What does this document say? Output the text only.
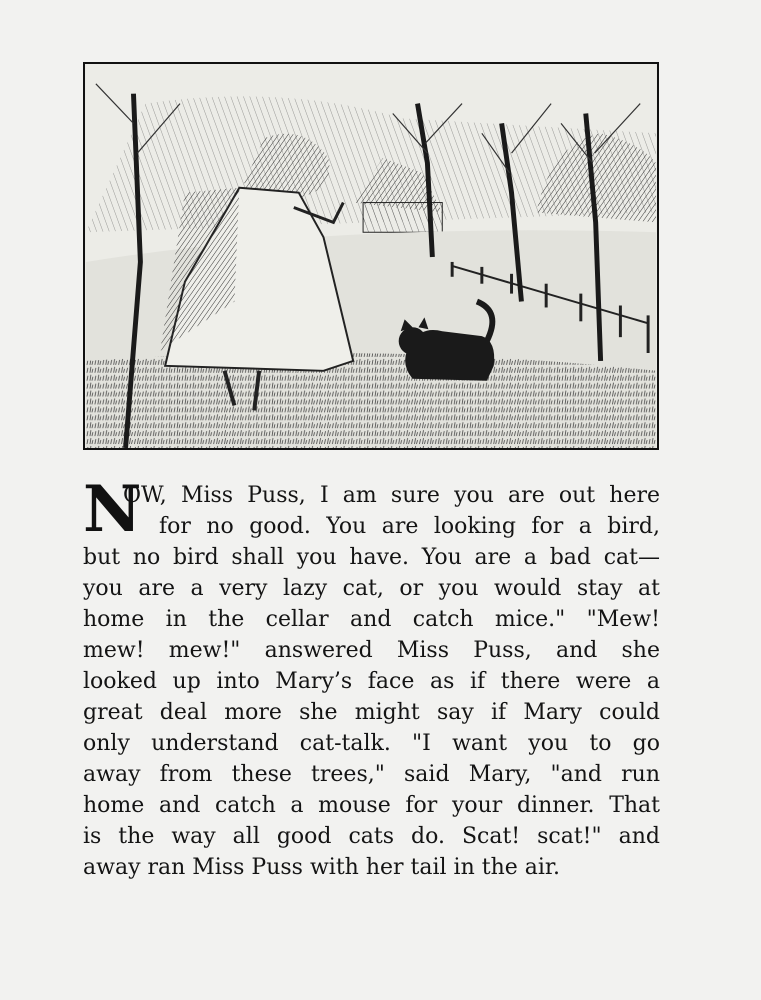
N
OW, Miss Puss, I am sure you are out here
for no good. You are looking for a bird,
but no bird shall you have. You are a bad cat—
you are a very lazy cat, or you would stay at
home in the cellar and catch mice." "Mew!
mew! mew!" answered Miss Puss, and she
looked up into Mary’s face as if there were a
great deal more she might say if Mary could
only understand cat-talk. "I want you to go
away from these trees," said Mary, "and run
home and catch a mouse for your dinner. That
is the way all good cats do. Scat! scat!" and
away ran Miss Puss with her tail in the air.
